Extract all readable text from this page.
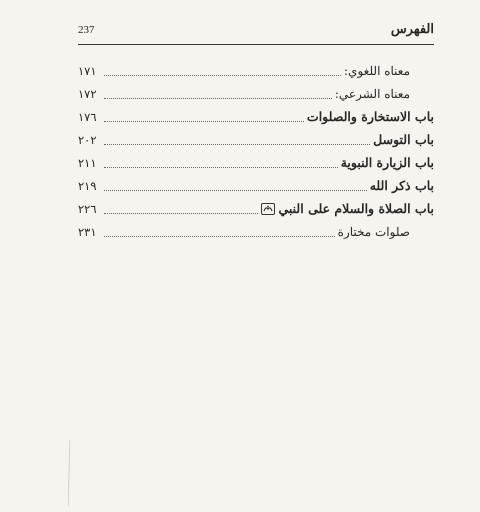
237	الفهرس
معناه اللغوي:
١٧١
معناه الشرعي:
١٧٢
باب الاستخارة والصلوات
١٧٦
باب التوسل
٢٠٢
باب الزيارة النبوية
٢١١
باب ذكر الله
٢١٩
باب الصلاة والسلام على النبي
٢٢٦
صلوات مختارة
٢٣١
